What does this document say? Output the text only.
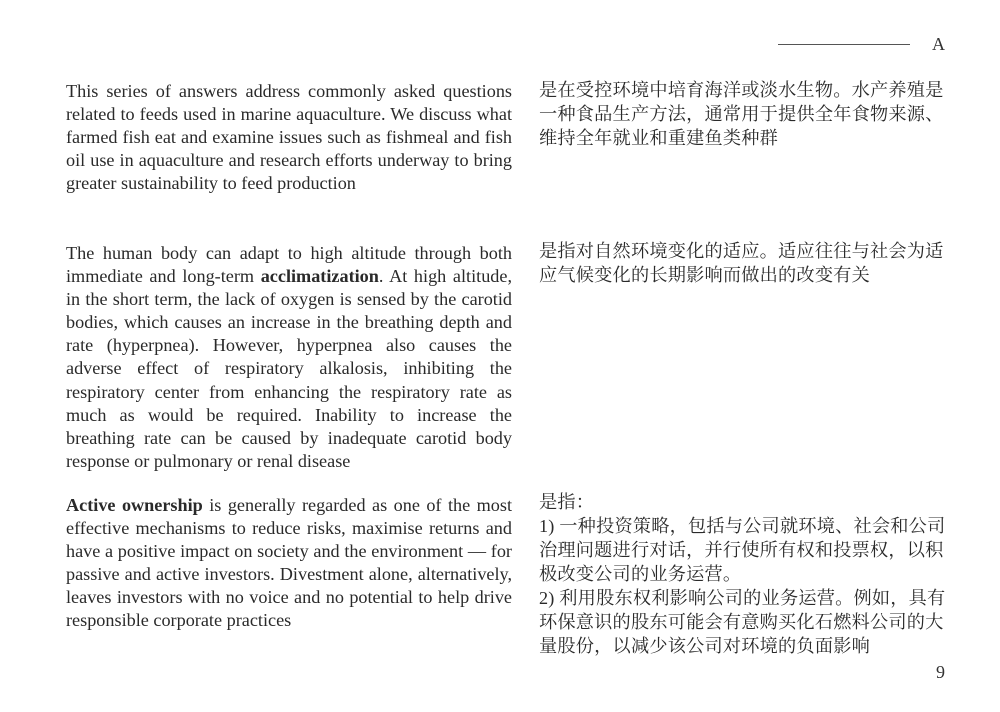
A
This series of answers address commonly asked questions related to feeds used in marine aquaculture. We discuss what farmed fish eat and examine issues such as fishmeal and fish oil use in aquaculture and research efforts underway to bring greater sustainability to feed production
是在受控环境中培育海洋或淡水生物。水产养殖是一种食品生产方法，通常用于提供全年食物来源、维持全年就业和重建鱼类种群
The human body can adapt to high altitude through both immediate and long-term acclimatization. At high altitude, in the short term, the lack of oxygen is sensed by the carotid bodies, which causes an increase in the breathing depth and rate (hyperpnea). However, hyperpnea also causes the adverse effect of respiratory alkalosis, inhibiting the respiratory center from enhancing the respiratory rate as much as would be required. Inability to increase the breathing rate can be caused by inadequate carotid body response or pulmonary or renal disease
是指对自然环境变化的适应。适应往往与社会为适应气候变化的长期影响而做出的改变有关
Active ownership is generally regarded as one of the most effective mechanisms to reduce risks, maximise returns and have a positive impact on society and the environment — for passive and active investors. Divestment alone, alternatively, leaves investors with no voice and no potential to help drive responsible corporate practices
是指：
1) 一种投资策略，包括与公司就环境、社会和公司治理问题进行对话，并行使所有权和投票权，以积极改变公司的业务运营。
2) 利用股东权利影响公司的业务运营。例如，具有环保意识的股东可能会有意购买化石燃料公司的大量股份，以减少该公司对环境的负面影响
9
